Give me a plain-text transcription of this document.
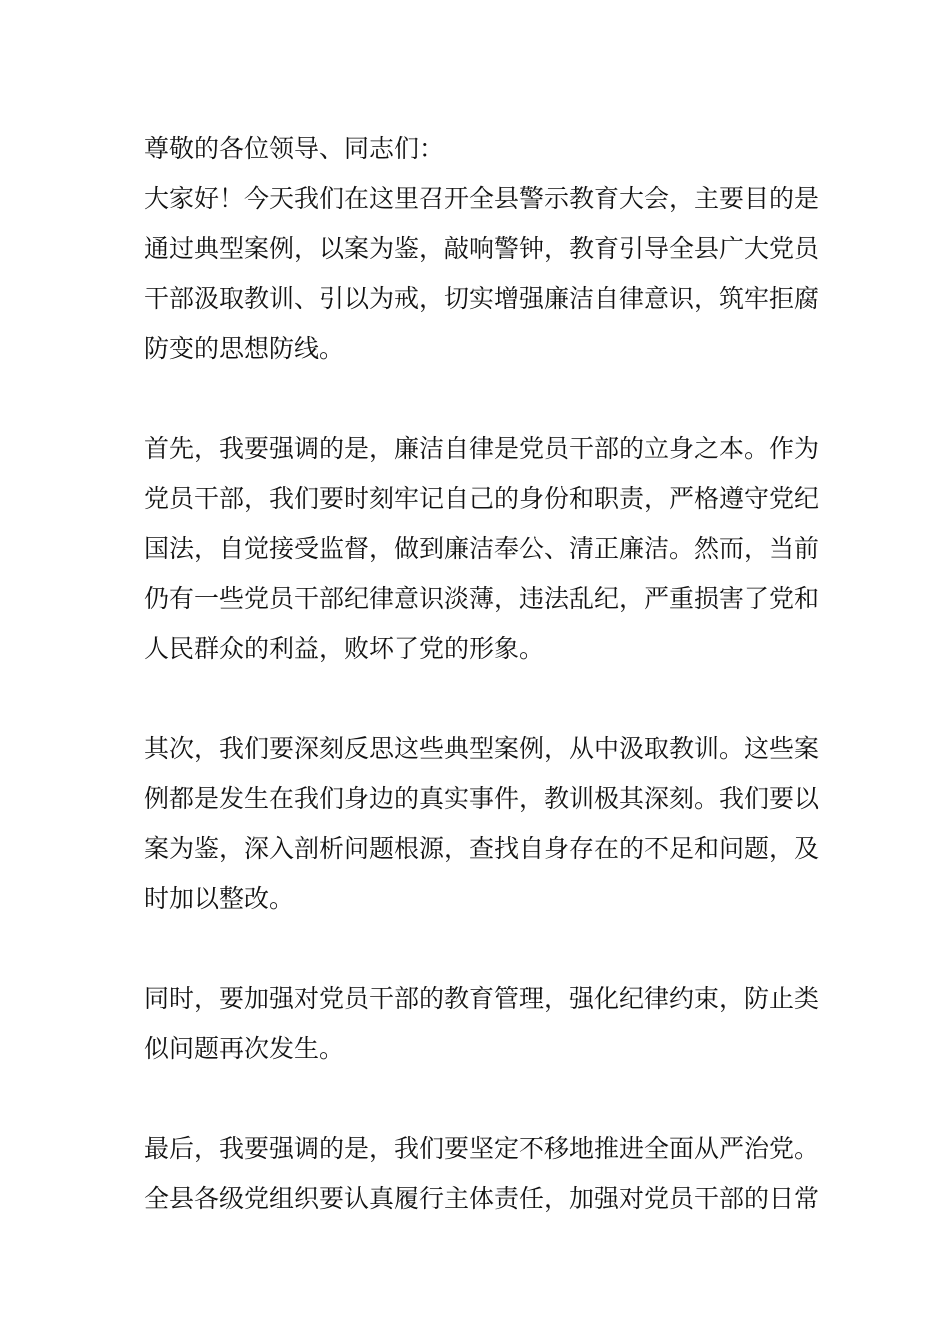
尊敬的各位领导、同志们：

大家好！今天我们在这里召开全县警示教育大会，主要目的是
通过典型案例，以案为鉴，敲响警钟，教育引导全县广大党员
干部汲取教训、引以为戒，切实增强廉洁自律意识，筑牢拒腐
防变的思想防线。
首先，我要强调的是，廉洁自律是党员干部的立身之本。作为
党员干部，我们要时刻牢记自己的身份和职责，严格遵守党纪
国法，自觉接受监督，做到廉洁奉公、清正廉洁。然而，当前
仍有一些党员干部纪律意识淡薄，违法乱纪，严重损害了党和
人民群众的利益，败坏了党的形象。
其次，我们要深刻反思这些典型案例，从中汲取教训。这些案
例都是发生在我们身边的真实事件，教训极其深刻。我们要以
案为鉴，深入剖析问题根源，查找自身存在的不足和问题，及
时加以整改。
同时，要加强对党员干部的教育管理，强化纪律约束，防止类
似问题再次发生。
最后，我要强调的是，我们要坚定不移地推进全面从严治党。
全县各级党组织要认真履行主体责任，加强对党员干部的日常
